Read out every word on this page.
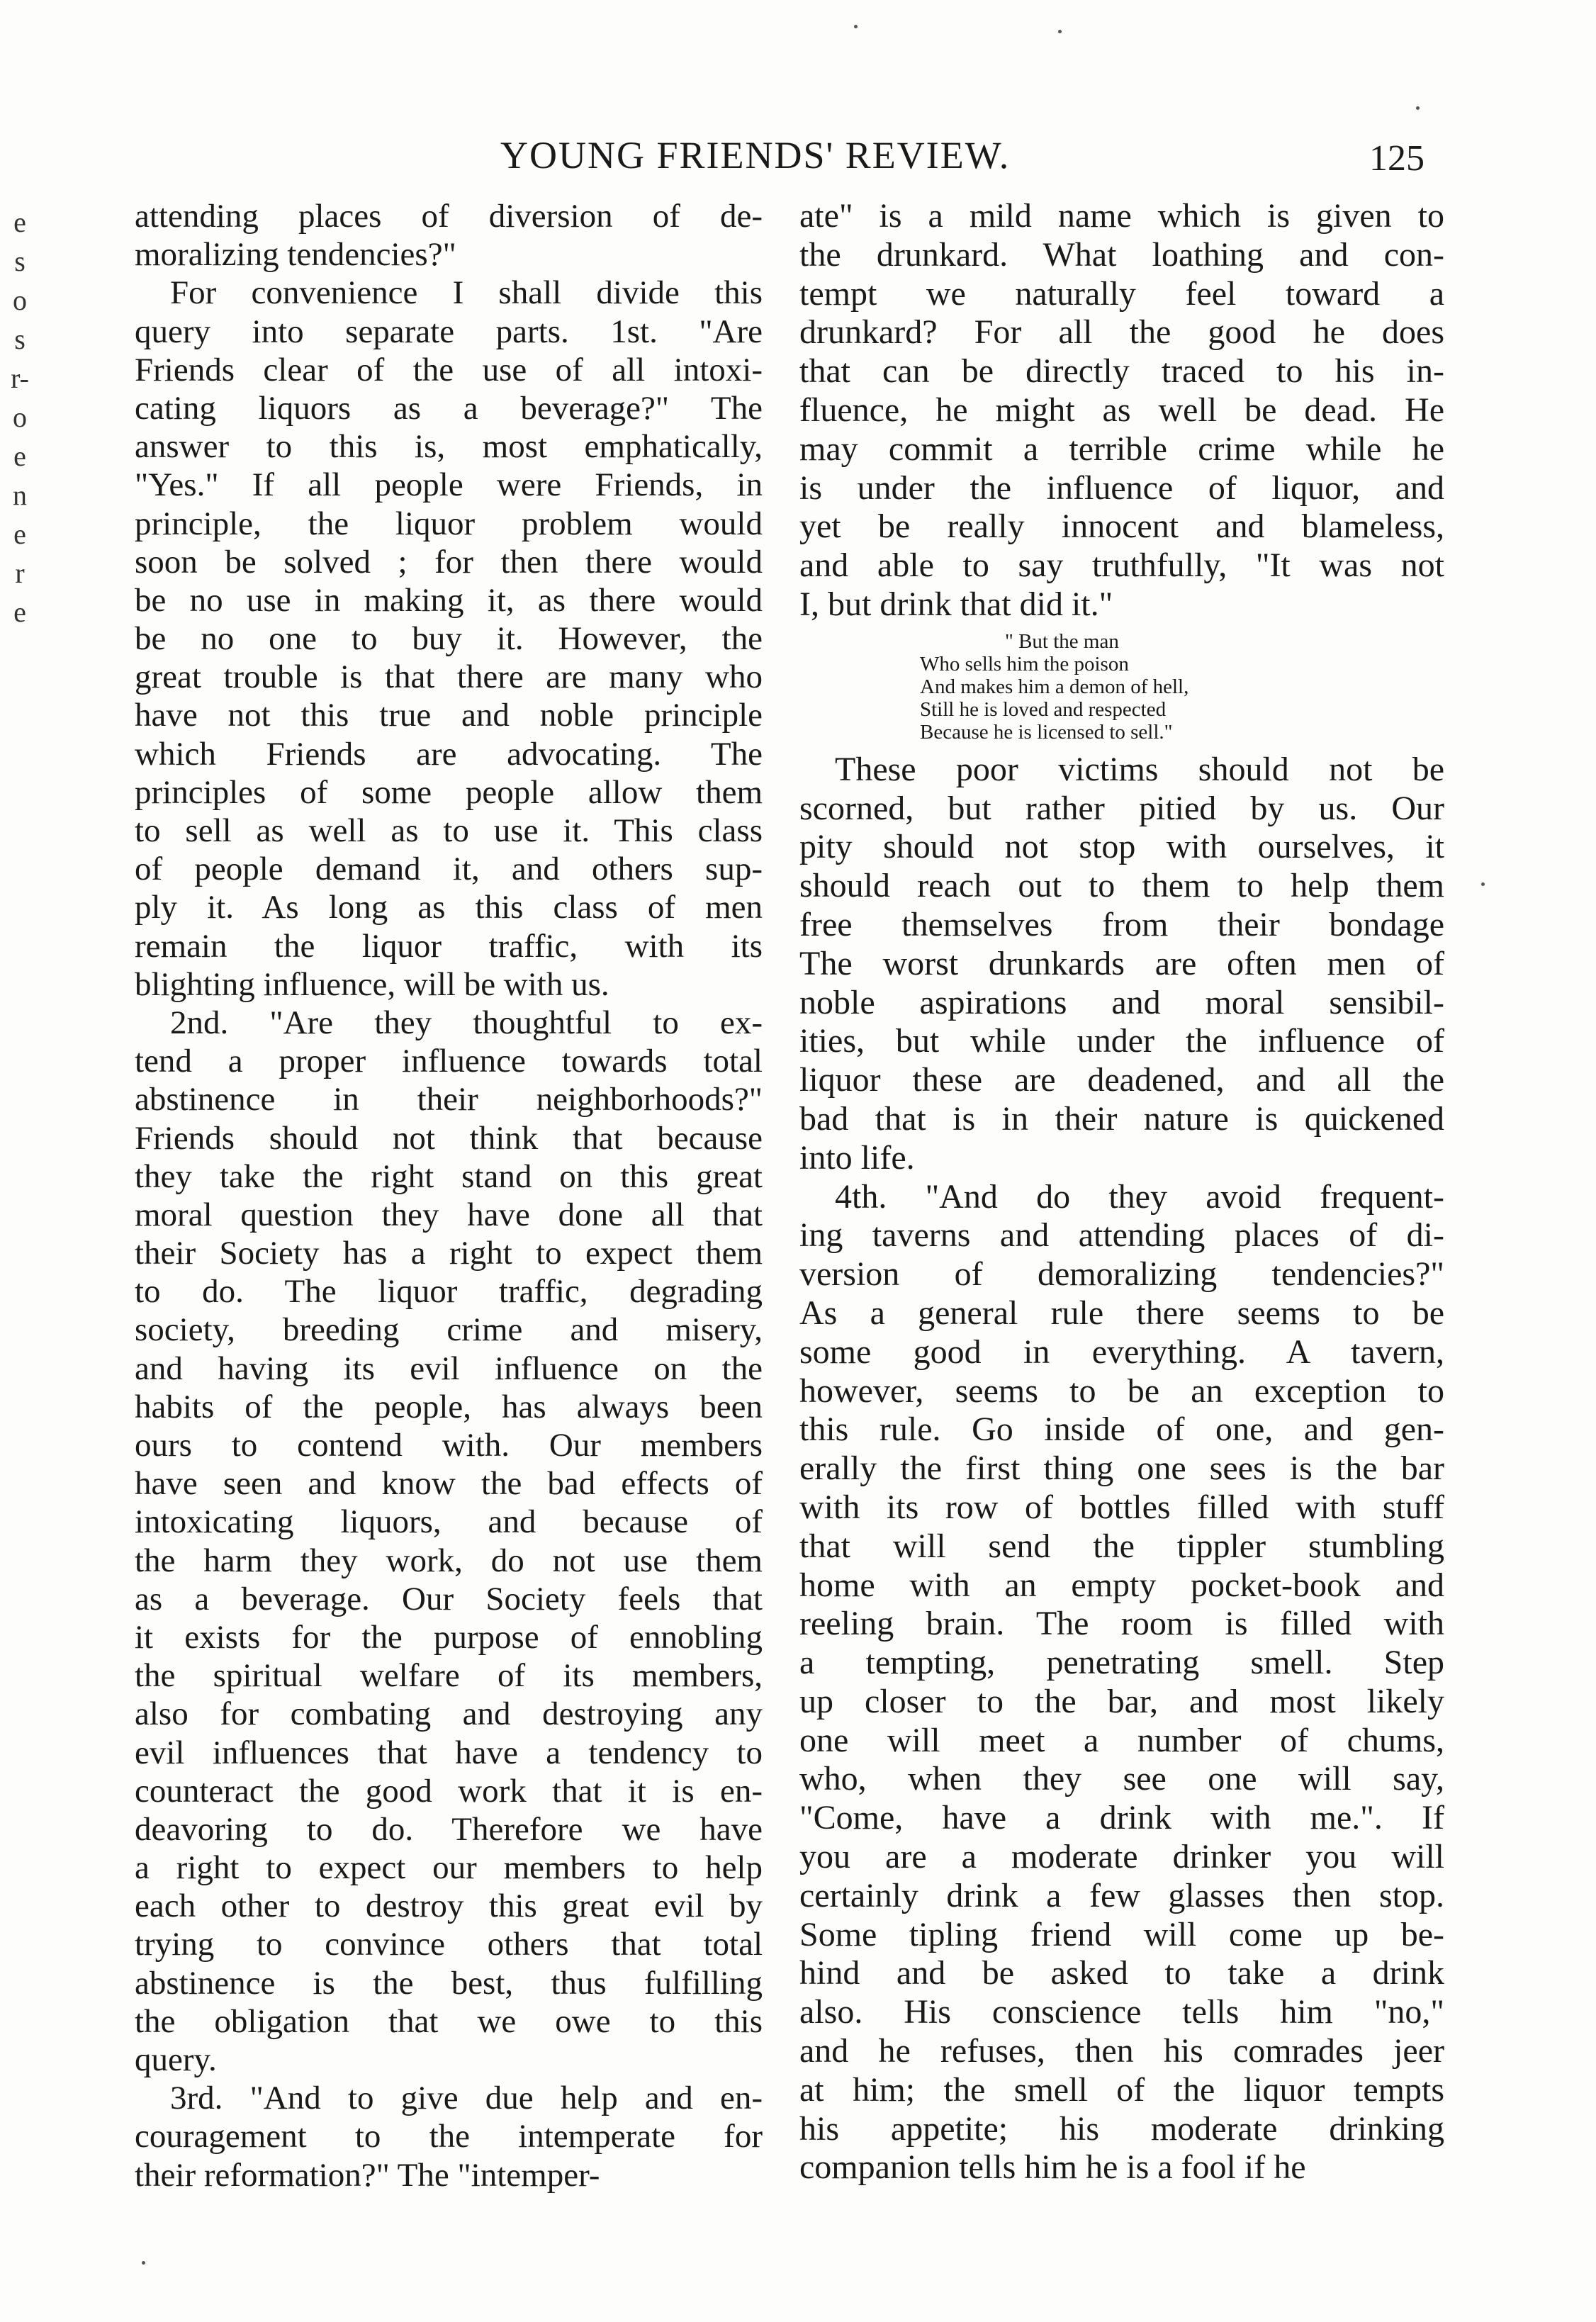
YOUNG FRIENDS' REVIEW.	125
e
s
o
s
r-
o
e
n
e
r
e
attending places of diversion of de-
moralizing tendencies?"
For convenience I shall divide this
query into separate parts. 1st. "Are
Friends clear of the use of all intoxi-
cating liquors as a beverage?" The
answer to this is, most emphatically,
"Yes." If all people were Friends, in
principle, the liquor problem would
soon be solved ; for then there would
be no use in making it, as there would
be no one to buy it. However, the
great trouble is that there are many who
have not this true and noble principle
which Friends are advocating. The
principles of some people allow them
to sell as well as to use it. This class
of people demand it, and others sup-
ply it. As long as this class of men
remain the liquor traffic, with its
blighting influence, will be with us.
2nd. "Are they thoughtful to ex-
tend a proper influence towards total
abstinence in their neighborhoods?"
Friends should not think that because
they take the right stand on this great
moral question they have done all that
their Society has a right to expect them
to do. The liquor traffic, degrading
society, breeding crime and misery,
and having its evil influence on the
habits of the people, has always been
ours to contend with. Our members
have seen and know the bad effects of
intoxicating liquors, and because of
the harm they work, do not use them
as a beverage. Our Society feels that
it exists for the purpose of ennobling
the spiritual welfare of its members,
also for combating and destroying any
evil influences that have a tendency to
counteract the good work that it is en-
deavoring to do. Therefore we have
a right to expect our members to help
each other to destroy this great evil by
trying to convince others that total
abstinence is the best, thus fulfilling
the obligation that we owe to this
query.
3rd. "And to give due help and en-
couragement to the intemperate for
their reformation?" The "intemper-
ate" is a mild name which is given to
the drunkard. What loathing and con-
tempt we naturally feel toward a
drunkard? For all the good he does
that can be directly traced to his in-
fluence, he might as well be dead. He
may commit a terrible crime while he
is under the influence of liquor, and
yet be really innocent and blameless,
and able to say truthfully, "It was not
I, but drink that did it."
" But the man
Who sells him the poison
And makes him a demon of hell,
Still he is loved and respected
Because he is licensed to sell."
These poor victims should not be
scorned, but rather pitied by us. Our
pity should not stop with ourselves, it
should reach out to them to help them
free themselves from their bondage
The worst drunkards are often men of
noble aspirations and moral sensibil-
ities, but while under the influence of
liquor these are deadened, and all the
bad that is in their nature is quickened
into life.
4th. "And do they avoid frequent-
ing taverns and attending places of di-
version of demoralizing tendencies?"
As a general rule there seems to be
some good in everything. A tavern,
however, seems to be an exception to
this rule. Go inside of one, and gen-
erally the first thing one sees is the bar
with its row of bottles filled with stuff
that will send the tippler stumbling
home with an empty pocket-book and
reeling brain. The room is filled with
a tempting, penetrating smell. Step
up closer to the bar, and most likely
one will meet a number of chums,
who, when they see one will say,
"Come, have a drink with me.". If
you are a moderate drinker you will
certainly drink a few glasses then stop.
Some tipling friend will come up be-
hind and be asked to take a drink
also. His conscience tells him "no,"
and he refuses, then his comrades jeer
at him; the smell of the liquor tempts
his appetite; his moderate drinking
companion tells him he is a fool if he
